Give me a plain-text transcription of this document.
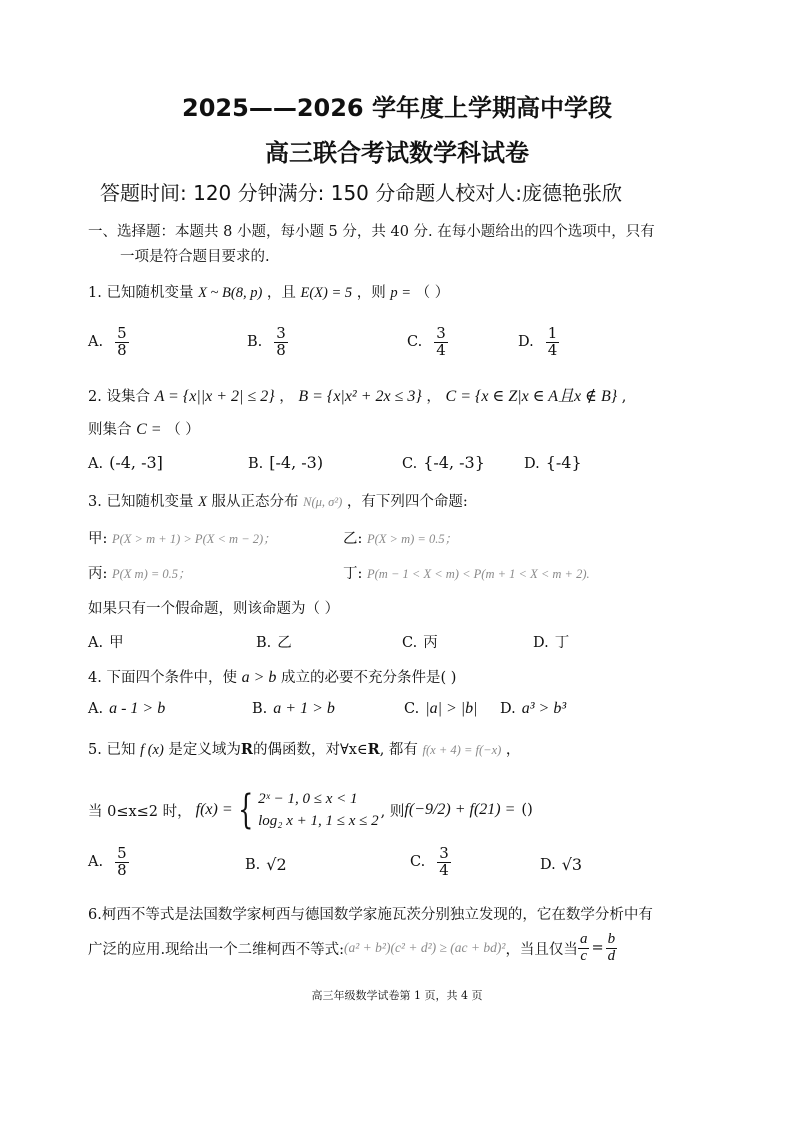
2025——2026 学年度上学期高中学段
高三联合考试数学科试卷
答题时间: 120 分钟满分: 150 分命题人校对人:庞德艳张欣
一、选择题：本题共 8 小题，每小题 5 分，共 40 分. 在每小题给出的四个选项中，只有
一项是符合题目要求的.
1. 已知随机变量 X ~ B(8, p) ，且 E(X) = 5 ，则 p = （ ）
A. $\frac{5}{8}$	B. $\frac{3}{8}$	C. $\frac{3}{4}$	D. $\frac{1}{4}$
2. 设集合 A = {x||x + 2| ≤ 2} ， B = {x|x² + 2x ≤ 3} ， C = {x ∈ Z|x ∈ A且x ∉ B} ,
则集合 C = （ ）
A. (-4, -3]	B. [-4, -3)	C. {-4, -3}	D. {-4}
3. 已知随机变量 X 服从正态分布 N(μ, σ²) ，有下列四个命题:
甲: P(X > m + 1) > P(X < m − 2)；	乙: P(X > m) = 0.5；
丙: P(X m) = 0.5；	丁: P(m − 1 < X < m) < P(m + 1 < X < m + 2).
如果只有一个假命题，则该命题为（ ）
A. 甲	B. 乙	C. 丙	D. 丁
4. 下面四个条件中，使 a > b 成立的必要不充分条件是( )
A. a - 1 > b	B. a + 1 > b	C. |a| > |b| D. a³ > b³
5. 已知 f (x) 是定义域为R的偶函数，对∀x∈R, 都有 f(x + 4) = f(−x) ，
当 0≤x≤2 时， f(x) = { 2ˣ − 1, 0 ≤ x < 1
log₂ x + 1, 1 ≤ x ≤ 2
, 则 f(−9/2) + f(21) = ()
A. $\frac{5}{8}$	B. √2	C. $\frac{3}{4}$	D. √3
6.柯西不等式是法国数学家柯西与德国数学家施瓦茨分别独立发现的，它在数学分析中有
广泛的应用.现给出一个二维柯西不等式: (a² + b²)(c² + d²) ≥ (ac + bd)² ，当且仅当 $\frac{a}{c} = \frac{b}{d}$
高三年级数学试卷第 1 页，共 4 页
